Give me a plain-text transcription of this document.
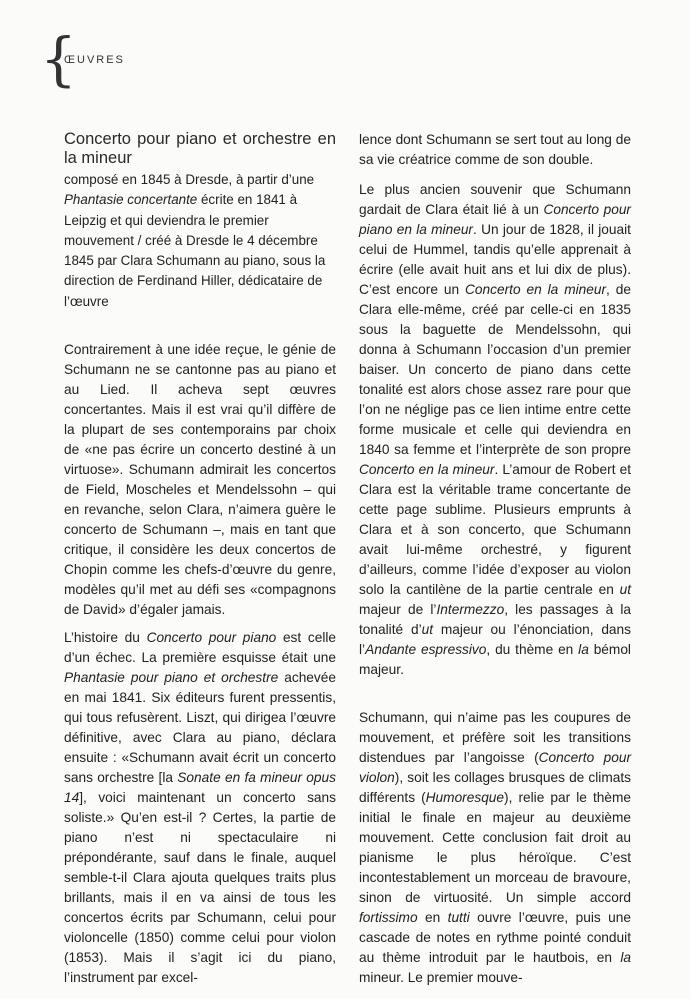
{
ŒUVRES
Concerto pour piano et orchestre en la mineur

composé en 1845 à Dresde, à partir d’une Phantasie concertante écrite en 1841 à Leipzig et qui deviendra le premier mouvement / créé à Dresde le 4 décembre 1845 par Clara Schumann au piano, sous la direction de Ferdinand Hiller, dédicataire de l’œuvre

Contrairement à une idée reçue, le génie de Schumann ne se cantonne pas au piano et au Lied. Il acheva sept œuvres concertantes. Mais il est vrai qu’il diffère de la plupart de ses contemporains par choix de «ne pas écrire un concerto destiné à un virtuose». Schumann admirait les concertos de Field, Moscheles et Mendelssohn – qui en revanche, selon Clara, n’aimera guère le concerto de Schumann –, mais en tant que critique, il considère les deux concertos de Chopin comme les chefs-d’œuvre du genre, modèles qu’il met au défi ses «compagnons de David» d’égaler jamais.

L’histoire du Concerto pour piano est celle d’un échec. La première esquisse était une Phantasie pour piano et orchestre achevée en mai 1841. Six éditeurs furent pressentis, qui tous refusèrent. Liszt, qui dirigea l’œuvre définitive, avec Clara au piano, déclara ensuite : «Schumann avait écrit un concerto sans orchestre [la Sonate en fa mineur opus 14], voici maintenant un concerto sans soliste.» Qu’en est-il ? Certes, la partie de piano n’est ni spectaculaire ni prépondérante, sauf dans le finale, auquel semble-t-il Clara ajouta quelques traits plus brillants, mais il en va ainsi de tous les concertos écrits par Schumann, celui pour violoncelle (1850) comme celui pour violon (1853). Mais il s’agit ici du piano, l’instrument par excel-

lence dont Schumann se sert tout au long de sa vie créatrice comme de son double.

Le plus ancien souvenir que Schumann gardait de Clara était lié à un Concerto pour piano en la mineur. Un jour de 1828, il jouait celui de Hummel, tandis qu’elle apprenait à écrire (elle avait huit ans et lui dix de plus). C’est encore un Concerto en la mineur, de Clara elle-même, créé par celle-ci en 1835 sous la baguette de Mendelssohn, qui donna à Schumann l’occasion d’un premier baiser. Un concerto de piano dans cette tonalité est alors chose assez rare pour que l’on ne néglige pas ce lien intime entre cette forme musicale et celle qui deviendra en 1840 sa femme et l’interprète de son propre Concerto en la mineur. L’amour de Robert et Clara est la véritable trame concertante de cette page sublime. Plusieurs emprunts à Clara et à son concerto, que Schumann avait lui-même orchestré, y figurent d’ailleurs, comme l’idée d’exposer au violon solo la cantilène de la partie centrale en ut majeur de l’Intermezzo, les passages à la tonalité d’ut majeur ou l’énonciation, dans l’Andante espressivo, du thème en la bémol majeur.

Schumann, qui n’aime pas les coupures de mouvement, et préfère soit les transitions distendues par l’angoisse (Concerto pour violon), soit les collages brusques de climats différents (Humoresque), relie par le thème initial le finale en majeur au deuxième mouvement. Cette conclusion fait droit au pianisme le plus héroïque. C’est incontestablement un morceau de bravoure, sinon de virtuosité. Un simple accord fortissimo en tutti ouvre l’œuvre, puis une cascade de notes en rythme pointé conduit au thème introduit par le hautbois, en la mineur. Le premier mouve-
